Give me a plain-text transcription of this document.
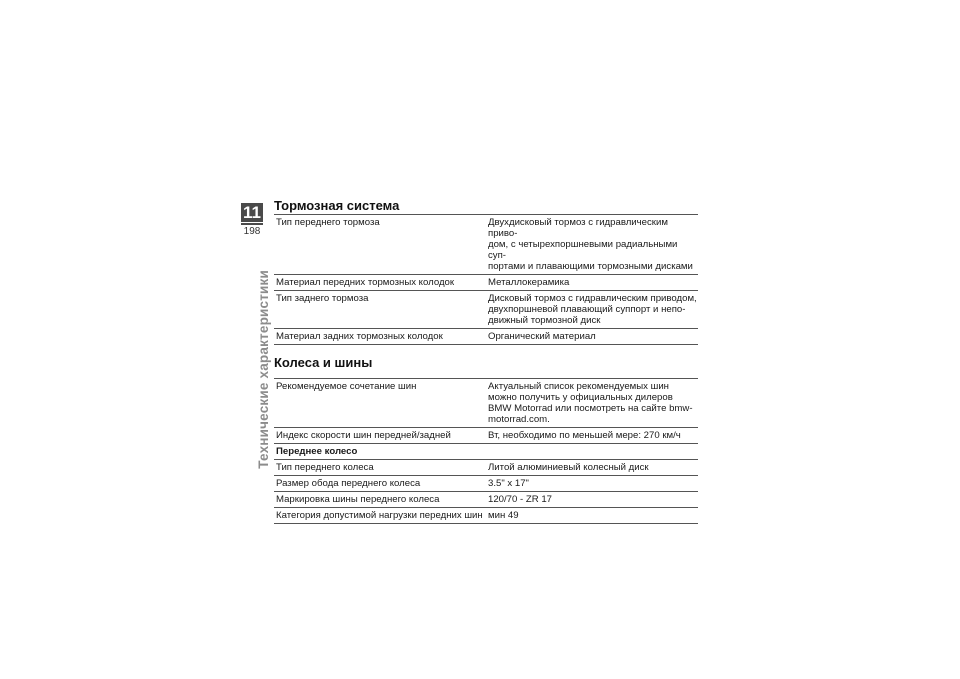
11
198
Технические характеристики
Тормозная система
Тип переднего тормоза	Двухдисковый тормоз с гидравлическим приво-
дом, с четырехпоршневыми радиальными суп-
портами и плавающими тормозными дисками
Материал передних тормозных колодок	Металлокерамика
Тип заднего тормоза	Дисковый тормоз с гидравлическим приводом,
двухпоршневой плавающий суппорт и непо-
движный тормозной диск
Материал задних тормозных колодок	Органический материал
Колеса и шины
Рекомендуемое сочетание шин	Актуальный список рекомендуемых шин
можно получить у официальных дилеров
BMW Motorrad или посмотреть на сайте bmw-
motorrad.com.
Индекс скорости шин передней/задней	Вт, необходимо по меньшей мере: 270 км/ч
Переднее колесо	
Тип переднего колеса	Литой алюминиевый колесный диск
Размер обода переднего колеса	3.5" x 17"
Маркировка шины переднего колеса	120/70 - ZR 17
Категория допустимой нагрузки передних шин	мин 49
